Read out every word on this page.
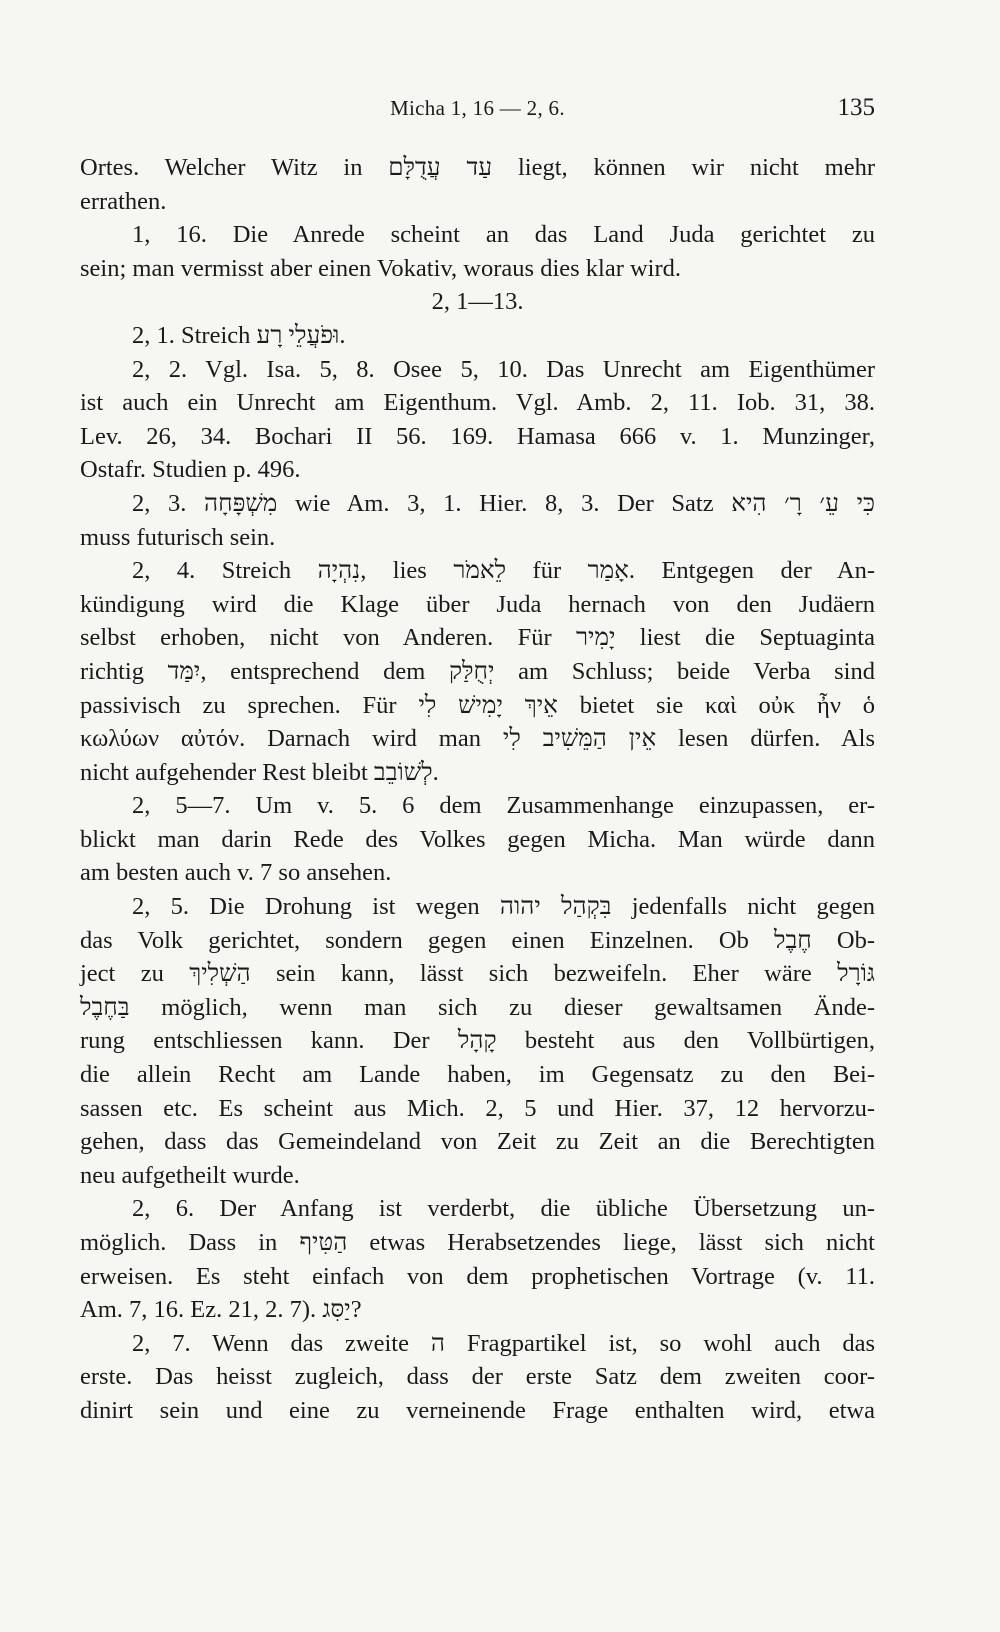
Micha 1, 16 — 2, 6.	135
Ortes. Welcher Witz in עַד עֲדֻלָּם liegt, können wir nicht mehr
errathen.
1, 16. Die Anrede scheint an das Land Juda gerichtet zu
sein; man vermisst aber einen Vokativ, woraus dies klar wird.
2, 1—13.
2, 1. Streich וּפֹעֲלֵי רָע.
2, 2. Vgl. Isa. 5, 8. Osee 5, 10. Das Unrecht am Eigenthümer
ist auch ein Unrecht am Eigenthum. Vgl. Amb. 2, 11. Iob. 31, 38.
Lev. 26, 34. Bochari II 56. 169. Hamasa 666 v. 1. Munzinger,
Ostafr. Studien p. 496.
2, 3. מִשְׁפָּחָה wie Am. 3, 1. Hier. 8, 3. Der Satz כִּי עֵ׳ רָ׳ הִיא
muss futurisch sein.
2, 4. Streich נִהְיָה, lies לֵאמֹר für אָמַר. Entgegen der An-
kündigung wird die Klage über Juda hernach von den Judäern
selbst erhoben, nicht von Anderen. Für יָמִיר liest die Septuaginta
richtig יִמַּד, entsprechend dem יְחֻלַּק am Schluss; beide Verba sind
passivisch zu sprechen. Für אֵיךְ יָמִישׁ לִי bietet sie καὶ οὐκ ἦν ὁ
κωλύων αὐτόν. Darnach wird man אֵין הַמֵּשִׁיב לִי lesen dürfen. Als
nicht aufgehender Rest bleibt לְשׁוֹבֵב.
2, 5—7. Um v. 5. 6 dem Zusammenhange einzupassen, er-
blickt man darin Rede des Volkes gegen Micha. Man würde dann
am besten auch v. 7 so ansehen.
2, 5. Die Drohung ist wegen בִּקְהַל יהוה jedenfalls nicht gegen
das Volk gerichtet, sondern gegen einen Einzelnen. Ob חֶבֶל Ob-
ject zu הַשְׁלִיךְ sein kann, lässt sich bezweifeln. Eher wäre גּוֹרָל
בַּחֶבֶל möglich, wenn man sich zu dieser gewaltsamen Ände-
rung entschliessen kann. Der קָהָל besteht aus den Vollbürtigen,
die allein Recht am Lande haben, im Gegensatz zu den Bei-
sassen etc. Es scheint aus Mich. 2, 5 und Hier. 37, 12 hervorzu-
gehen, dass das Gemeindeland von Zeit zu Zeit an die Berechtigten
neu aufgetheilt wurde.
2, 6. Der Anfang ist verderbt, die übliche Übersetzung un-
möglich. Dass in הַטִּיף etwas Herabsetzendes liege, lässt sich nicht
erweisen. Es steht einfach von dem prophetischen Vortrage (v. 11.
Am. 7, 16. Ez. 21, 2. 7). יַסִּג?
2, 7. Wenn das zweite ה Fragpartikel ist, so wohl auch das
erste. Das heisst zugleich, dass der erste Satz dem zweiten coor-
dinirt sein und eine zu verneinende Frage enthalten wird, etwa
